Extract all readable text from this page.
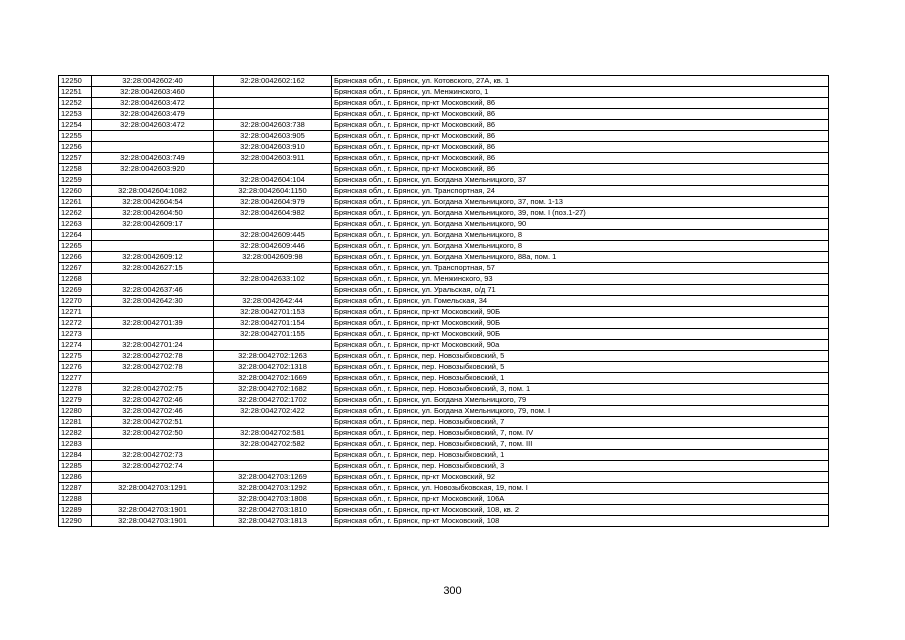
12250	32:28:0042602:40	32:28:0042602:162	Брянская обл., г. Брянск, ул. Котовского, 27А, кв. 1
12251	32:28:0042603:460		Брянская обл., г. Брянск, ул. Менжинского, 1
12252	32:28:0042603:472		Брянская обл., г. Брянск, пр-кт Московский, 86
12253	32:28:0042603:479		Брянская обл., г. Брянск, пр-кт Московский, 86
12254	32:28:0042603:472	32:28:0042603:738	Брянская обл., г. Брянск, пр-кт Московский, 86
12255		32:28:0042603:905	Брянская обл., г. Брянск, пр-кт Московский, 86
12256		32:28:0042603:910	Брянская обл., г. Брянск, пр-кт Московский, 86
12257	32:28:0042603:749	32:28:0042603:911	Брянская обл., г. Брянск, пр-кт Московский, 86
12258	32:28:0042603:920		Брянская обл., г. Брянск, пр-кт Московский, 86
12259		32:28:0042604:104	Брянская обл., г. Брянск, ул. Богдана Хмельницкого, 37
12260	32:28:0042604:1082	32:28:0042604:1150	Брянская обл., г. Брянск, ул. Транспортная, 24
12261	32:28:0042604:54	32:28:0042604:979	Брянская обл., г. Брянск, ул. Богдана Хмельницкого, 37, пом. 1-13
12262	32:28:0042604:50	32:28:0042604:982	Брянская обл., г. Брянск, ул. Богдана Хмельницкого, 39, пом. I (поз.1-27)
12263	32:28:0042609:17		Брянская обл., г. Брянск, ул. Богдана Хмельницкого, 90
12264		32:28:0042609:445	Брянская обл., г. Брянск, ул. Богдана Хмельницкого, 8
12265		32:28:0042609:446	Брянская обл., г. Брянск, ул. Богдана Хмельницкого, 8
12266	32:28:0042609:12	32:28:0042609:98	Брянская обл., г. Брянск, ул. Богдана Хмельницкого, 88а, пом. 1
12267	32:28:0042627:15		Брянская обл., г. Брянск, ул. Транспортная, 57
12268		32:28:0042633:102	Брянская обл., г. Брянск, ул. Менжинского, 93
12269	32:28:0042637:46		Брянская обл., г. Брянск, ул. Уральская, о/д 71
12270	32:28:0042642:30	32:28:0042642:44	Брянская обл., г. Брянск, ул. Гомельская, 34
12271		32:28:0042701:153	Брянская обл., г. Брянск, пр-кт Московский, 90Б
12272	32:28:0042701:39	32:28:0042701:154	Брянская обл., г. Брянск, пр-кт Московский, 90Б
12273		32:28:0042701:155	Брянская обл., г. Брянск, пр-кт Московский, 90Б
12274	32:28:0042701:24		Брянская обл., г. Брянск, пр-кт Московский, 90а
12275	32:28:0042702:78	32:28:0042702:1263	Брянская обл., г. Брянск, пер. Новозыбковский, 5
12276	32:28:0042702:78	32:28:0042702:1318	Брянская обл., г. Брянск, пер. Новозыбковский, 5
12277		32:28:0042702:1669	Брянская обл., г. Брянск, пер. Новозыбковский, 1
12278	32:28:0042702:75	32:28:0042702:1682	Брянская обл., г. Брянск, пер. Новозыбковский, 3, пом. 1
12279	32:28:0042702:46	32:28:0042702:1702	Брянская обл., г. Брянск, ул. Богдана Хмельницкого, 79
12280	32:28:0042702:46	32:28:0042702:422	Брянская обл., г. Брянск, ул. Богдана Хмельницкого, 79, пом. I
12281	32:28:0042702:51		Брянская обл., г. Брянск, пер. Новозыбковский, 7
12282	32:28:0042702:50	32:28:0042702:581	Брянская обл., г. Брянск, пер. Новозыбковский, 7, пом. IV
12283		32:28:0042702:582	Брянская обл., г. Брянск, пер. Новозыбковский, 7, пом. III
12284	32:28:0042702:73		Брянская обл., г. Брянск, пер. Новозыбковский, 1
12285	32:28:0042702:74		Брянская обл., г. Брянск, пер. Новозыбковский, 3
12286		32:28:0042703:1269	Брянская обл., г. Брянск, пр-кт Московский, 92
12287	32:28:0042703:1291	32:28:0042703:1292	Брянская обл., г. Брянск, ул. Новозыбковская, 19, пом. I
12288		32:28:0042703:1808	Брянская обл., г. Брянск, пр-кт Московский, 106А
12289	32:28:0042703:1901	32:28:0042703:1810	Брянская обл., г. Брянск, пр-кт Московский, 108, кв. 2
12290	32:28:0042703:1901	32:28:0042703:1813	Брянская обл., г. Брянск, пр-кт Московский, 108
300
